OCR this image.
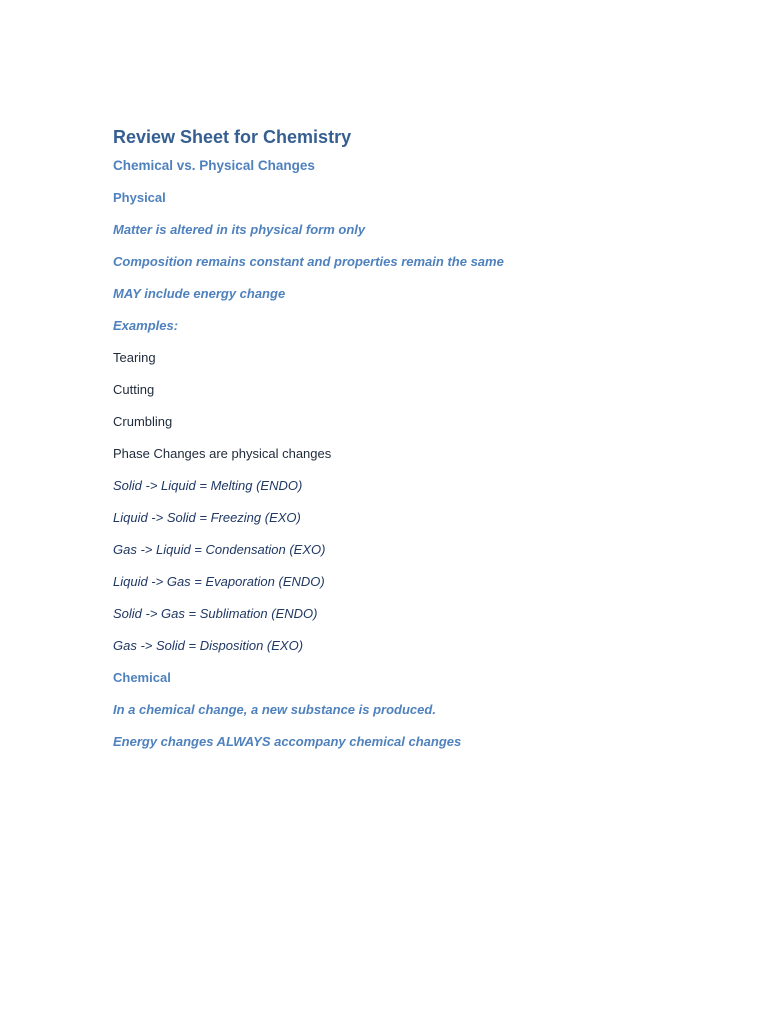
Review Sheet for Chemistry

Chemical vs. Physical Changes

Physical

Matter is altered in its physical form only

Composition remains constant and properties remain the same

MAY include energy change

Examples:

Tearing

Cutting

Crumbling

Phase Changes are physical changes

Solid -> Liquid = Melting (ENDO)

Liquid -> Solid = Freezing (EXO)

Gas -> Liquid = Condensation (EXO)

Liquid -> Gas = Evaporation (ENDO)

Solid -> Gas = Sublimation (ENDO)

Gas -> Solid = Disposition (EXO)

Chemical

In a chemical change, a new substance is produced.

Energy changes ALWAYS accompany chemical changes
